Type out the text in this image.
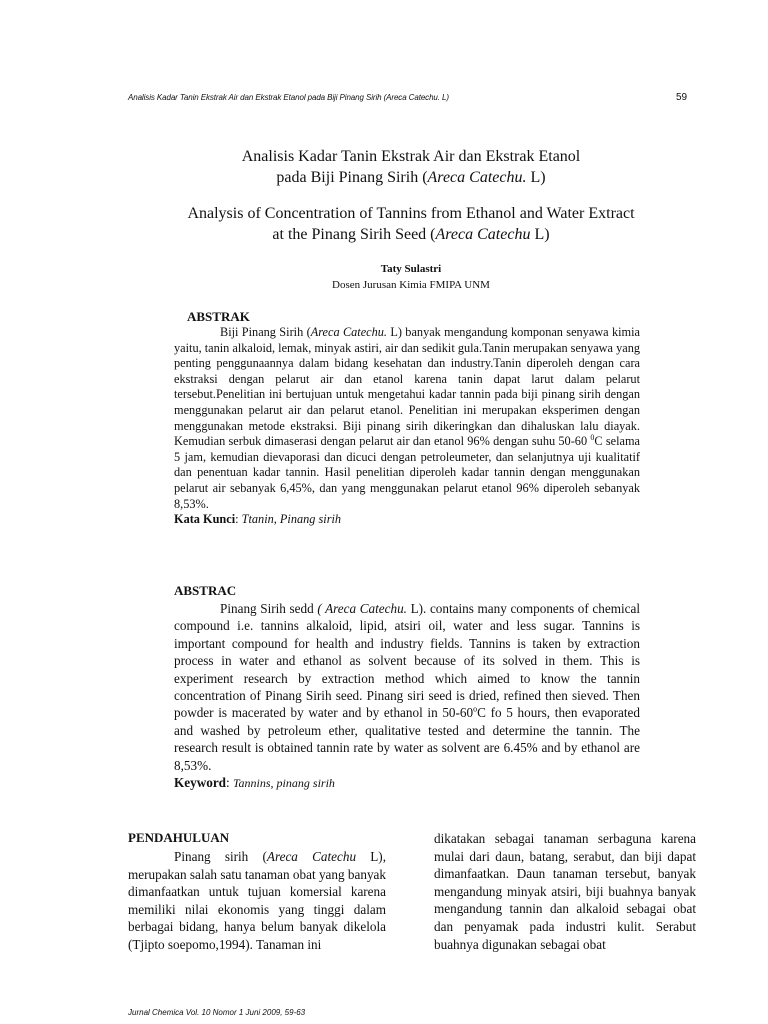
Analisis Kadar Tanin Ekstrak Air dan Ekstrak Etanol pada Biji Pinang Sirih (Areca Catechu. L)	59
Analisis Kadar Tanin Ekstrak Air dan Ekstrak Etanol
pada Biji Pinang Sirih (Areca Catechu. L)
Analysis of Concentration of Tannins from Ethanol and Water Extract
at the Pinang Sirih Seed (Areca Catechu L)
Taty Sulastri
Dosen Jurusan Kimia FMIPA UNM
ABSTRAK

Biji Pinang Sirih (Areca Catechu. L) banyak mengandung komponan senyawa kimia yaitu, tanin alkaloid, lemak, minyak astiri, air dan sedikit gula.Tanin merupakan senyawa yang penting penggunaannya dalam bidang kesehatan dan industry.Tanin diperoleh dengan cara ekstraksi dengan pelarut air dan etanol karena tanin dapat larut dalam pelarut tersebut.Penelitian ini bertujuan untuk mengetahui kadar tannin pada biji pinang sirih dengan menggunakan pelarut air dan pelarut etanol. Penelitian ini merupakan eksperimen dengan menggunakan metode ekstraksi. Biji pinang sirih dikeringkan dan dihaluskan lalu diayak. Kemudian serbuk dimaserasi dengan pelarut air dan etanol 96% dengan suhu 50-60 $^0$C selama 5 jam, kemudian dievaporasi dan dicuci dengan petroleumeter, dan selanjutnya uji kualitatif dan penentuan kadar tannin. Hasil penelitian diperoleh kadar tannin dengan menggunakan pelarut air sebanyak 6,45%, dan yang menggunakan pelarut etanol 96% diperoleh sebanyak 8,53%.

Kata Kunci: Ttanin, Pinang sirih

ABSTRAC

Pinang Sirih sedd ( Areca Catechu. L). contains many components of chemical compound i.e. tannins alkaloid, lipid, atsiri oil, water and less sugar. Tannins is important compound for health and industry fields. Tannins is taken by extraction process in water and ethanol as solvent because of its solved in them. This is experiment research by extraction method which aimed to know the tannin concentration of Pinang Sirih seed. Pinang siri seed is dried, refined then sieved. Then powder is macerated by water and by ethanol in 50-60$^o$C fo 5 hours, then evaporated and washed by petroleum ether, qualitative tested and determine the tannin. The research result is obtained tannin rate by water as solvent are 6.45% and by ethanol are 8,53%.

Keyword: Tannins, pinang sirih

PENDAHULUAN

Pinang sirih (Areca Catechu L), merupakan salah satu tanaman obat yang banyak dimanfaatkan untuk tujuan komersial karena memiliki nilai ekonomis yang tinggi dalam berbagai bidang, hanya belum banyak dikelola (Tjipto soepomo,1994). Tanaman ini

dikatakan sebagai tanaman serbaguna karena mulai dari daun, batang, serabut, dan biji dapat dimanfaatkan. Daun tanaman tersebut, banyak mengandung minyak atsiri, biji buahnya banyak mengandung tannin dan alkaloid sebagai obat dan penyamak pada industri kulit. Serabut buahnya digunakan sebagai obat

Jurnal Chemica Vol. 10 Nomor 1 Juni 2009, 59-63
